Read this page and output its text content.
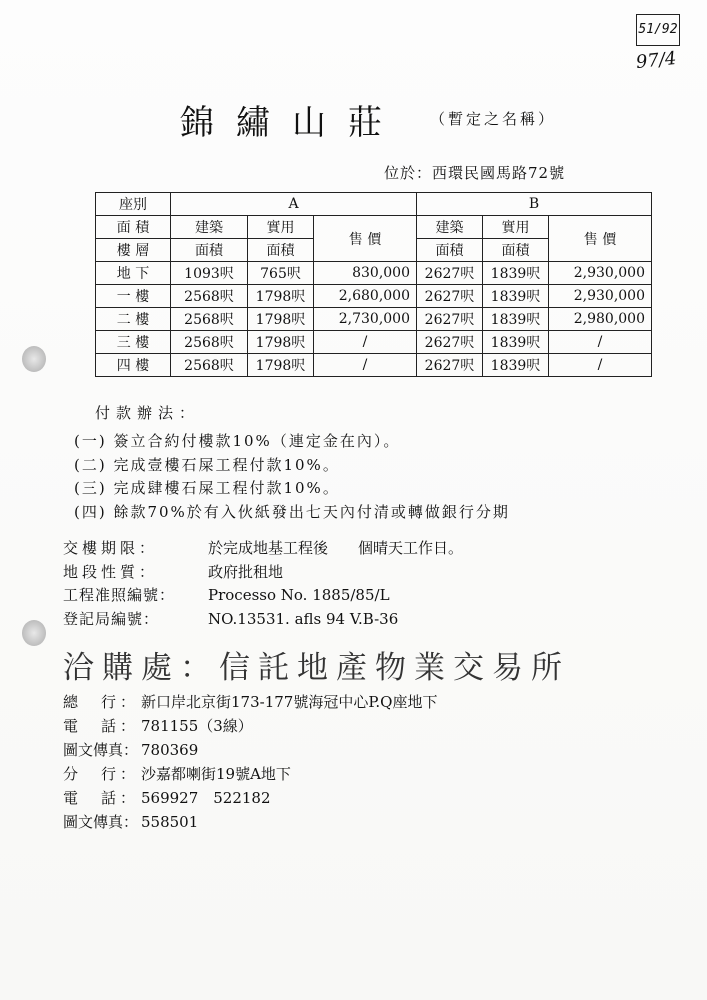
51/92
97/4
錦繡山莊 （暫定之名稱）
位於：西環民國馬路72號
座別	A			B		
面 積	建築	實用	售 價	建築	實用	售 價
樓 層	面積	面積		面積	面積	
地 下	1093呎	765呎	830,000	2627呎	1839呎	2,930,000
一 樓	2568呎	1798呎	2,680,000	2627呎	1839呎	2,930,000
二 樓	2568呎	1798呎	2,730,000	2627呎	1839呎	2,980,000
三 樓	2568呎	1798呎	/	2627呎	1839呎	/
四 樓	2568呎	1798呎	/	2627呎	1839呎	/
付款辦法：
(一) 簽立合約付樓款10%（連定金在內）。
(二) 完成壹樓石屎工程付款10%。
(三) 完成肆樓石屎工程付款10%。
(四) 餘款70%於有入伙紙發出七天內付清或轉做銀行分期
交樓期限：	於完成地基工程後　　個晴天工作日。
地段性質：	政府批租地
工程准照編號： Processo No. 1885/85/L
登記局編號：	NO.13531. afls 94 V.B-36
洽購處：信託地產物業交易所
總　行： 新口岸北京街173-177號海冠中心P.Q座地下
電　話： 781155（3線）
圖文傳真： 780369
分　行： 沙嘉都喇街19號A地下
電　話： 569927　522182
圖文傳真： 558501
